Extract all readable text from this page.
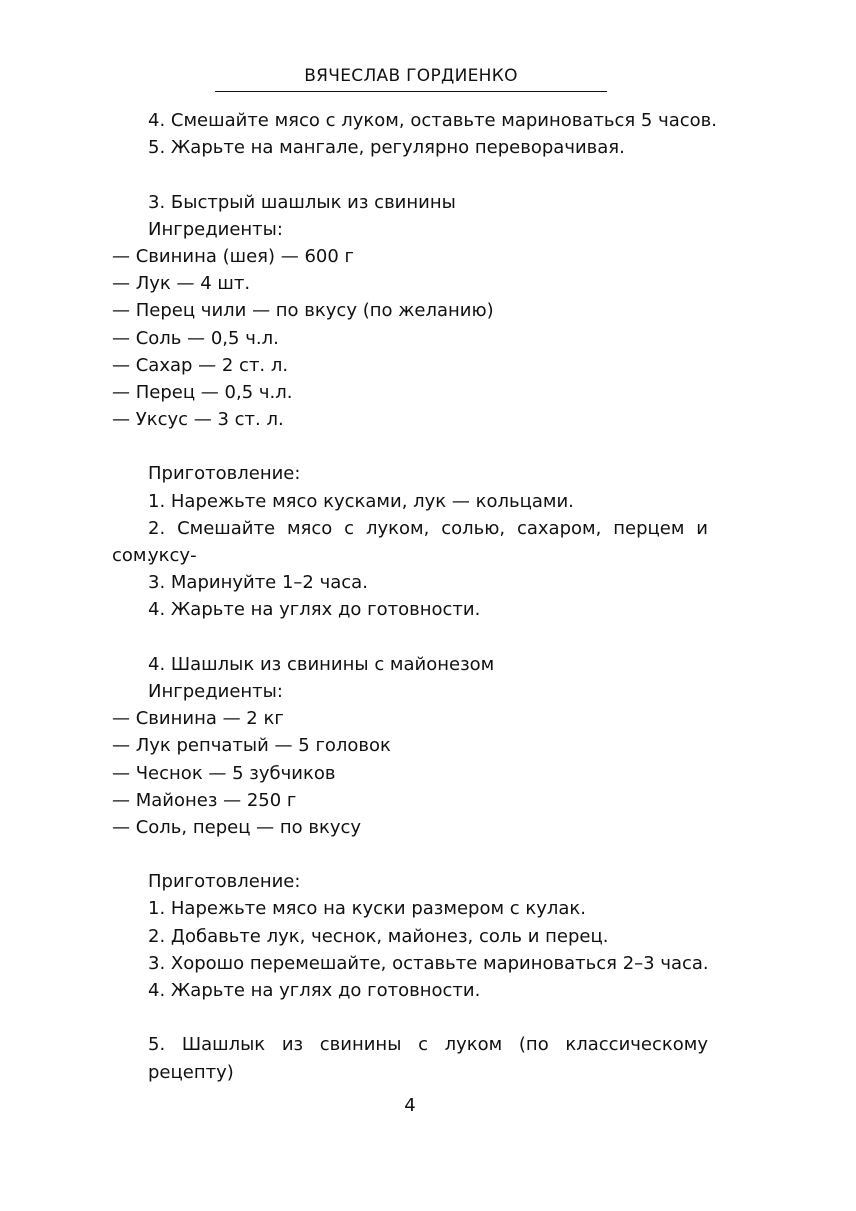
ВЯЧЕСЛАВ ГОРДИЕНКО
4. Смешайте мясо с луком, оставьте мариноваться 5 часов.
5. Жарьте на мангале, регулярно переворачивая.
3. Быстрый шашлык из свинины
Ингредиенты:
— Свинина (шея) — 600 г
— Лук — 4 шт.
— Перец чили — по вкусу (по желанию)
— Соль — 0,5 ч.л.
— Сахар — 2 ст. л.
— Перец — 0,5 ч.л.
— Уксус — 3 ст. л.
Приготовление:
1. Нарежьте мясо кусками, лук — кольцами.
2. Смешайте мясо с луком, солью, сахаром, перцем и уксу-
сом.
3. Маринуйте 1–2 часа.
4. Жарьте на углях до готовности.
4. Шашлык из свинины с майонезом
Ингредиенты:
— Свинина — 2 кг
— Лук репчатый — 5 головок
— Чеснок — 5 зубчиков
— Майонез — 250 г
— Соль, перец — по вкусу
Приготовление:
1. Нарежьте мясо на куски размером с кулак.
2. Добавьте лук, чеснок, майонез, соль и перец.
3. Хорошо перемешайте, оставьте мариноваться 2–3 часа.
4. Жарьте на углях до готовности.
5. Шашлык из свинины с луком (по классическому рецепту)
4
